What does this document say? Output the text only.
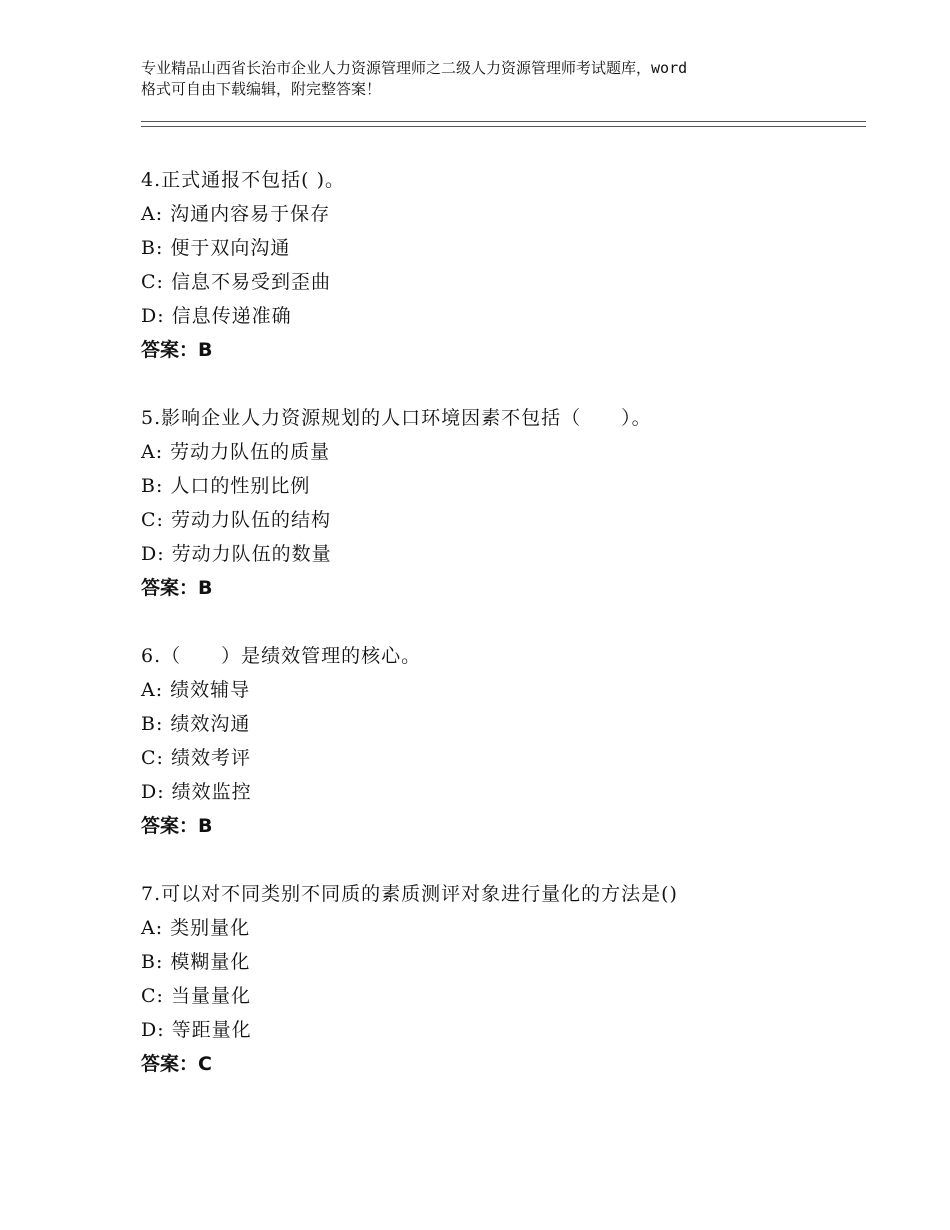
专业精品山西省长治市企业人力资源管理师之二级人力资源管理师考试题库，word
格式可自由下载编辑，附完整答案！
4.正式通报不包括( )。
A: 沟通内容易于保存
B: 便于双向沟通
C: 信息不易受到歪曲
D: 信息传递准确
答案：B
5.影响企业人力资源规划的人口环境因素不包括（　　）。
A: 劳动力队伍的质量
B: 人口的性别比例
C: 劳动力队伍的结构
D: 劳动力队伍的数量
答案：B
6.（　　）是绩效管理的核心。
A: 绩效辅导
B: 绩效沟通
C: 绩效考评
D: 绩效监控
答案：B
7.可以对不同类别不同质的素质测评对象进行量化的方法是()
A: 类别量化
B: 模糊量化
C: 当量量化
D: 等距量化
答案：C
